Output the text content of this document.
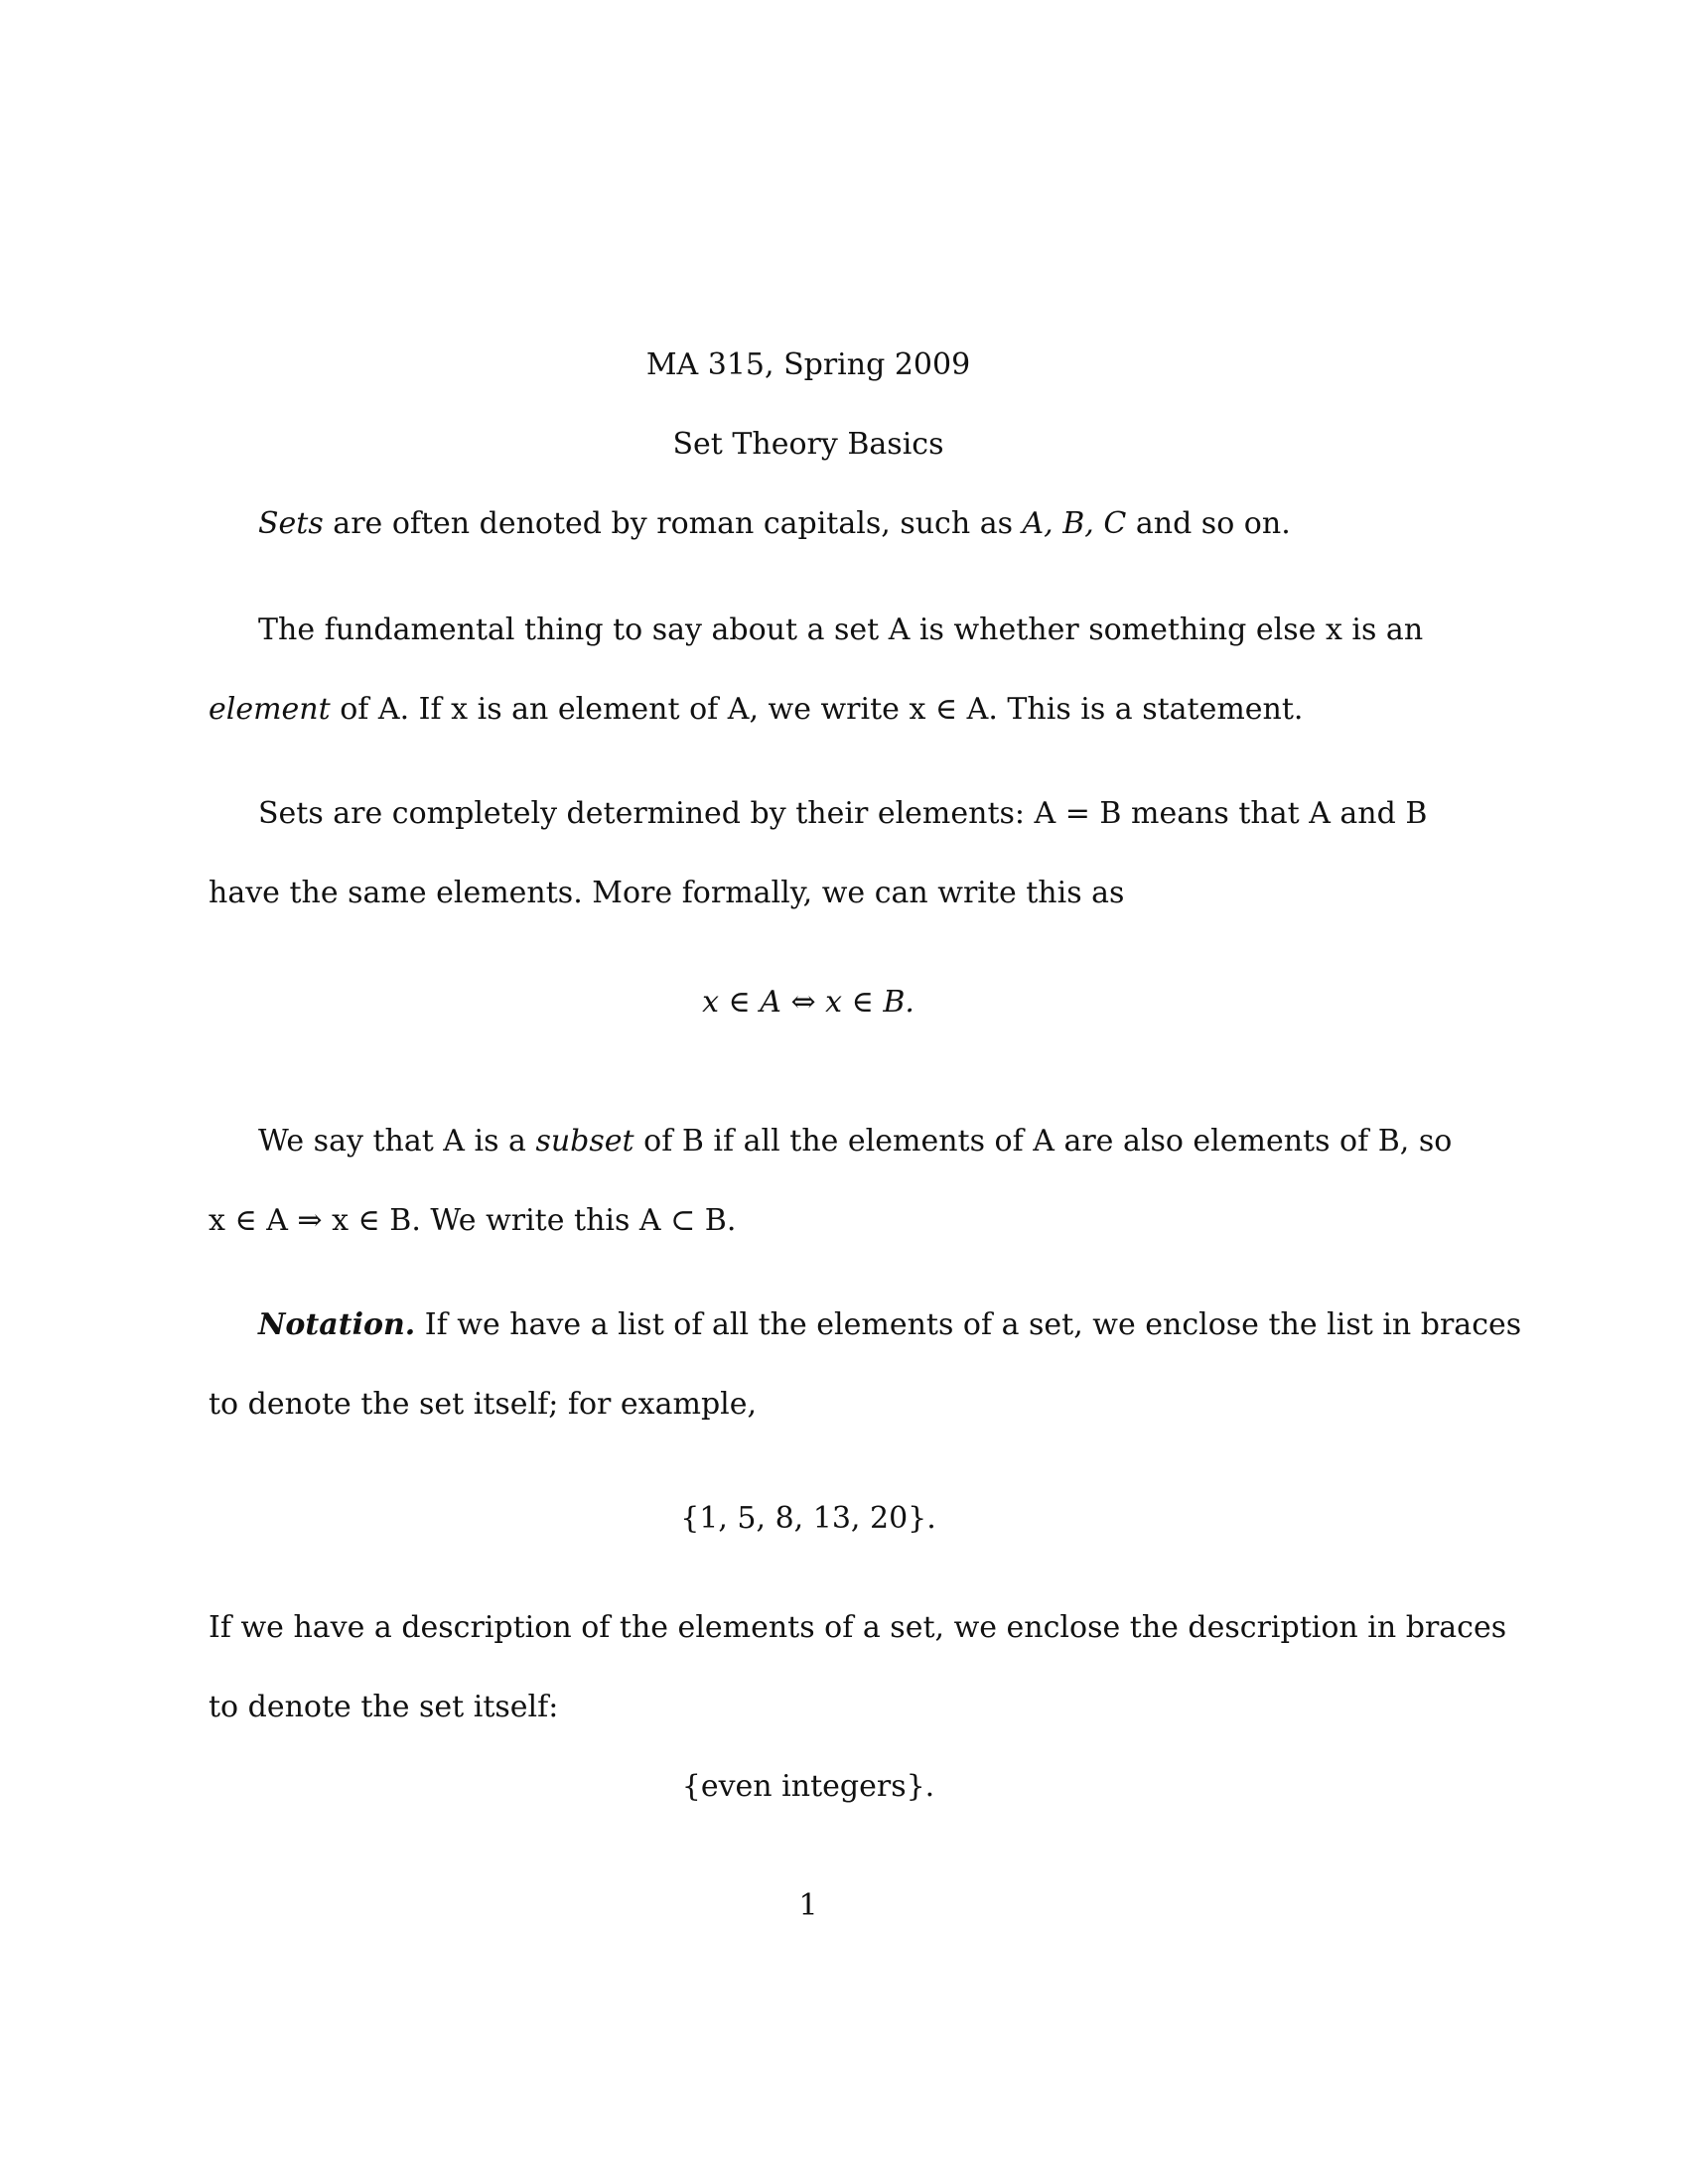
MA 315, Spring 2009
Set Theory Basics
Sets are often denoted by roman capitals, such as A, B, C and so on.
The fundamental thing to say about a set A is whether something else x is an
element of A. If x is an element of A, we write x ∈ A. This is a statement.
Sets are completely determined by their elements: A = B means that A and B
have the same elements. More formally, we can write this as
x ∈ A ⇔ x ∈ B.
We say that A is a subset of B if all the elements of A are also elements of B, so
x ∈ A ⇒ x ∈ B. We write this A ⊂ B.
Notation. If we have a list of all the elements of a set, we enclose the list in braces
to denote the set itself; for example,
{1, 5, 8, 13, 20}.
If we have a description of the elements of a set, we enclose the description in braces
to denote the set itself:
{even integers}.
1
